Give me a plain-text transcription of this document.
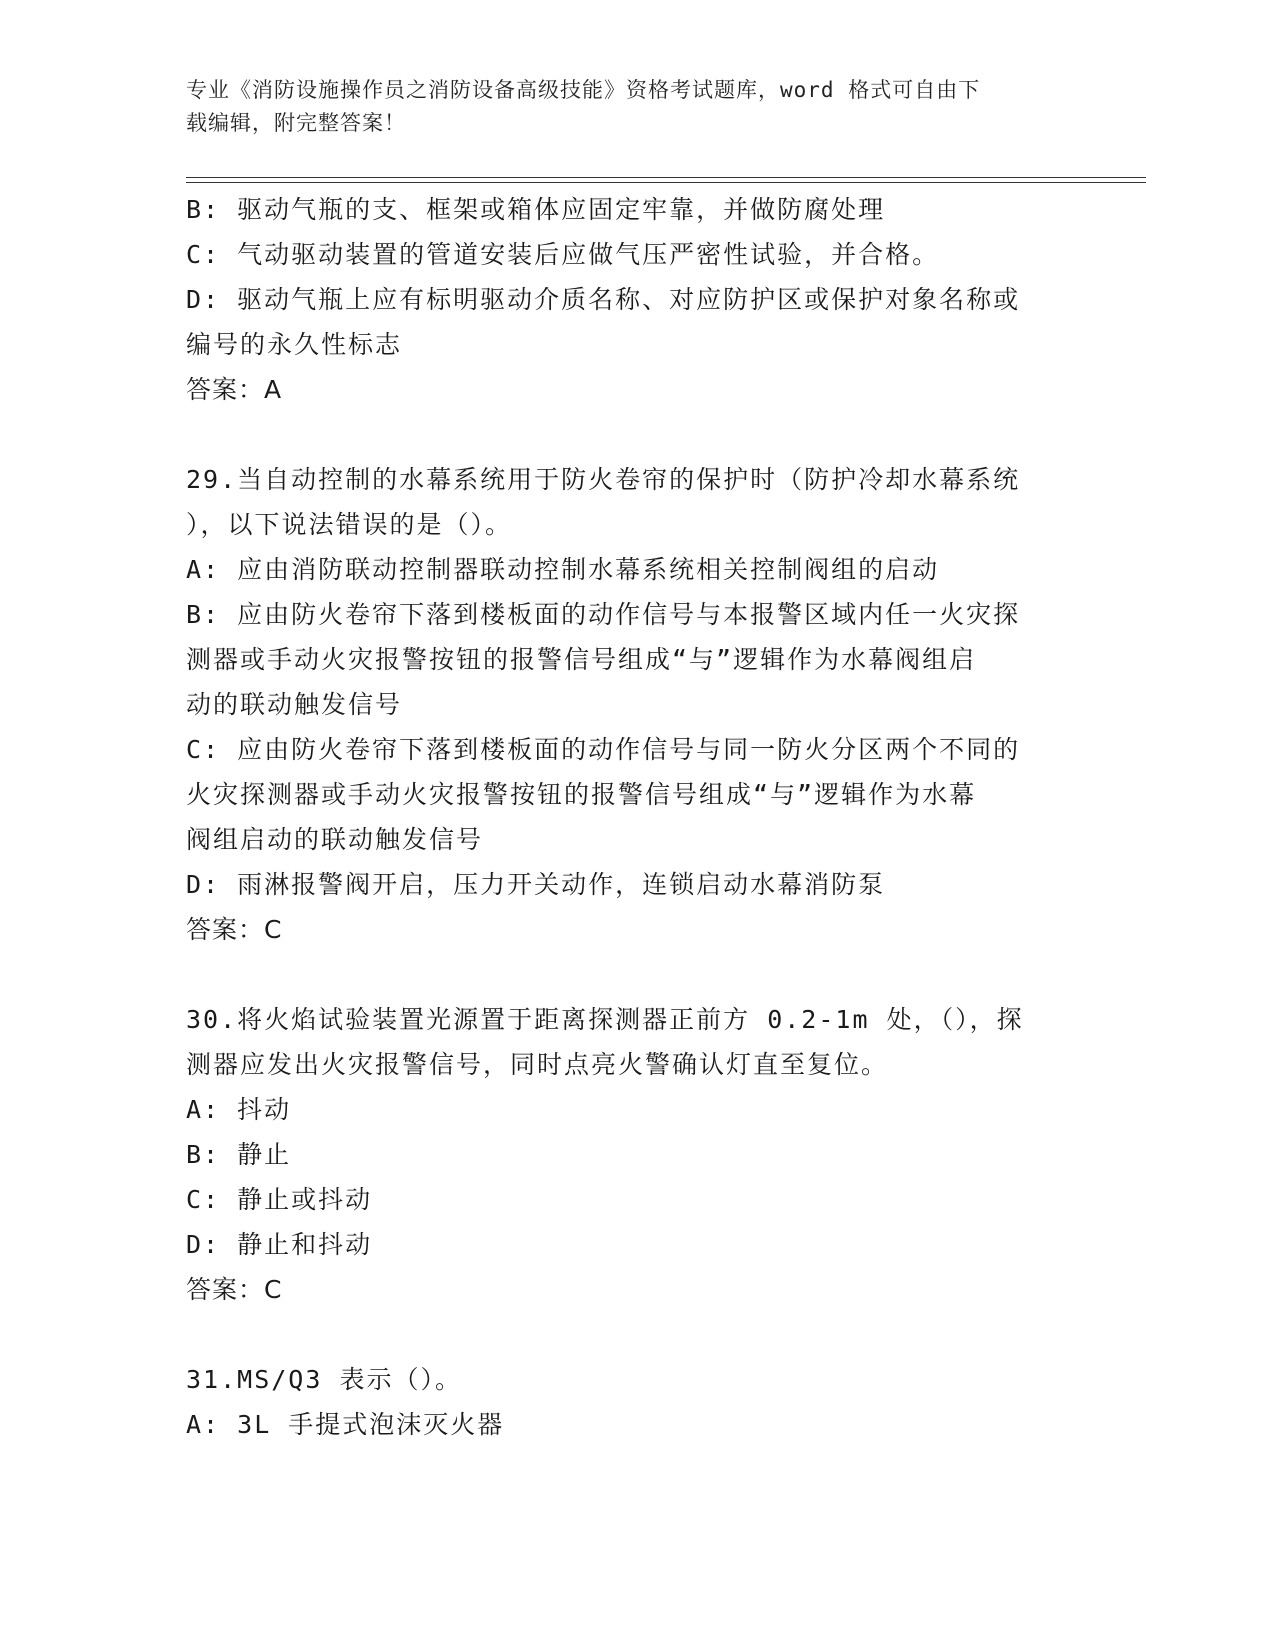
专业《消防设施操作员之消防设备高级技能》资格考试题库，word 格式可自由下
载编辑，附完整答案！
B: 驱动气瓶的支、框架或箱体应固定牢靠，并做防腐处理
C: 气动驱动装置的管道安装后应做气压严密性试验，并合格。
D: 驱动气瓶上应有标明驱动介质名称、对应防护区或保护对象名称或
编号的永久性标志
答案：A
29.当自动控制的水幕系统用于防火卷帘的保护时（防护冷却水幕系统
），以下说法错误的是（）。
A: 应由消防联动控制器联动控制水幕系统相关控制阀组的启动
B: 应由防火卷帘下落到楼板面的动作信号与本报警区域内任一火灾探
测器或手动火灾报警按钮的报警信号组成“与”逻辑作为水幕阀组启
动的联动触发信号
C: 应由防火卷帘下落到楼板面的动作信号与同一防火分区两个不同的
火灾探测器或手动火灾报警按钮的报警信号组成“与”逻辑作为水幕
阀组启动的联动触发信号
D: 雨淋报警阀开启，压力开关动作，连锁启动水幕消防泵
答案：C
30.将火焰试验装置光源置于距离探测器正前方 0.2-1m 处，（），探
测器应发出火灾报警信号，同时点亮火警确认灯直至复位。
A: 抖动
B: 静止
C: 静止或抖动
D: 静止和抖动
答案：C
31.MS/Q3 表示（）。
A: 3L 手提式泡沫灭火器
